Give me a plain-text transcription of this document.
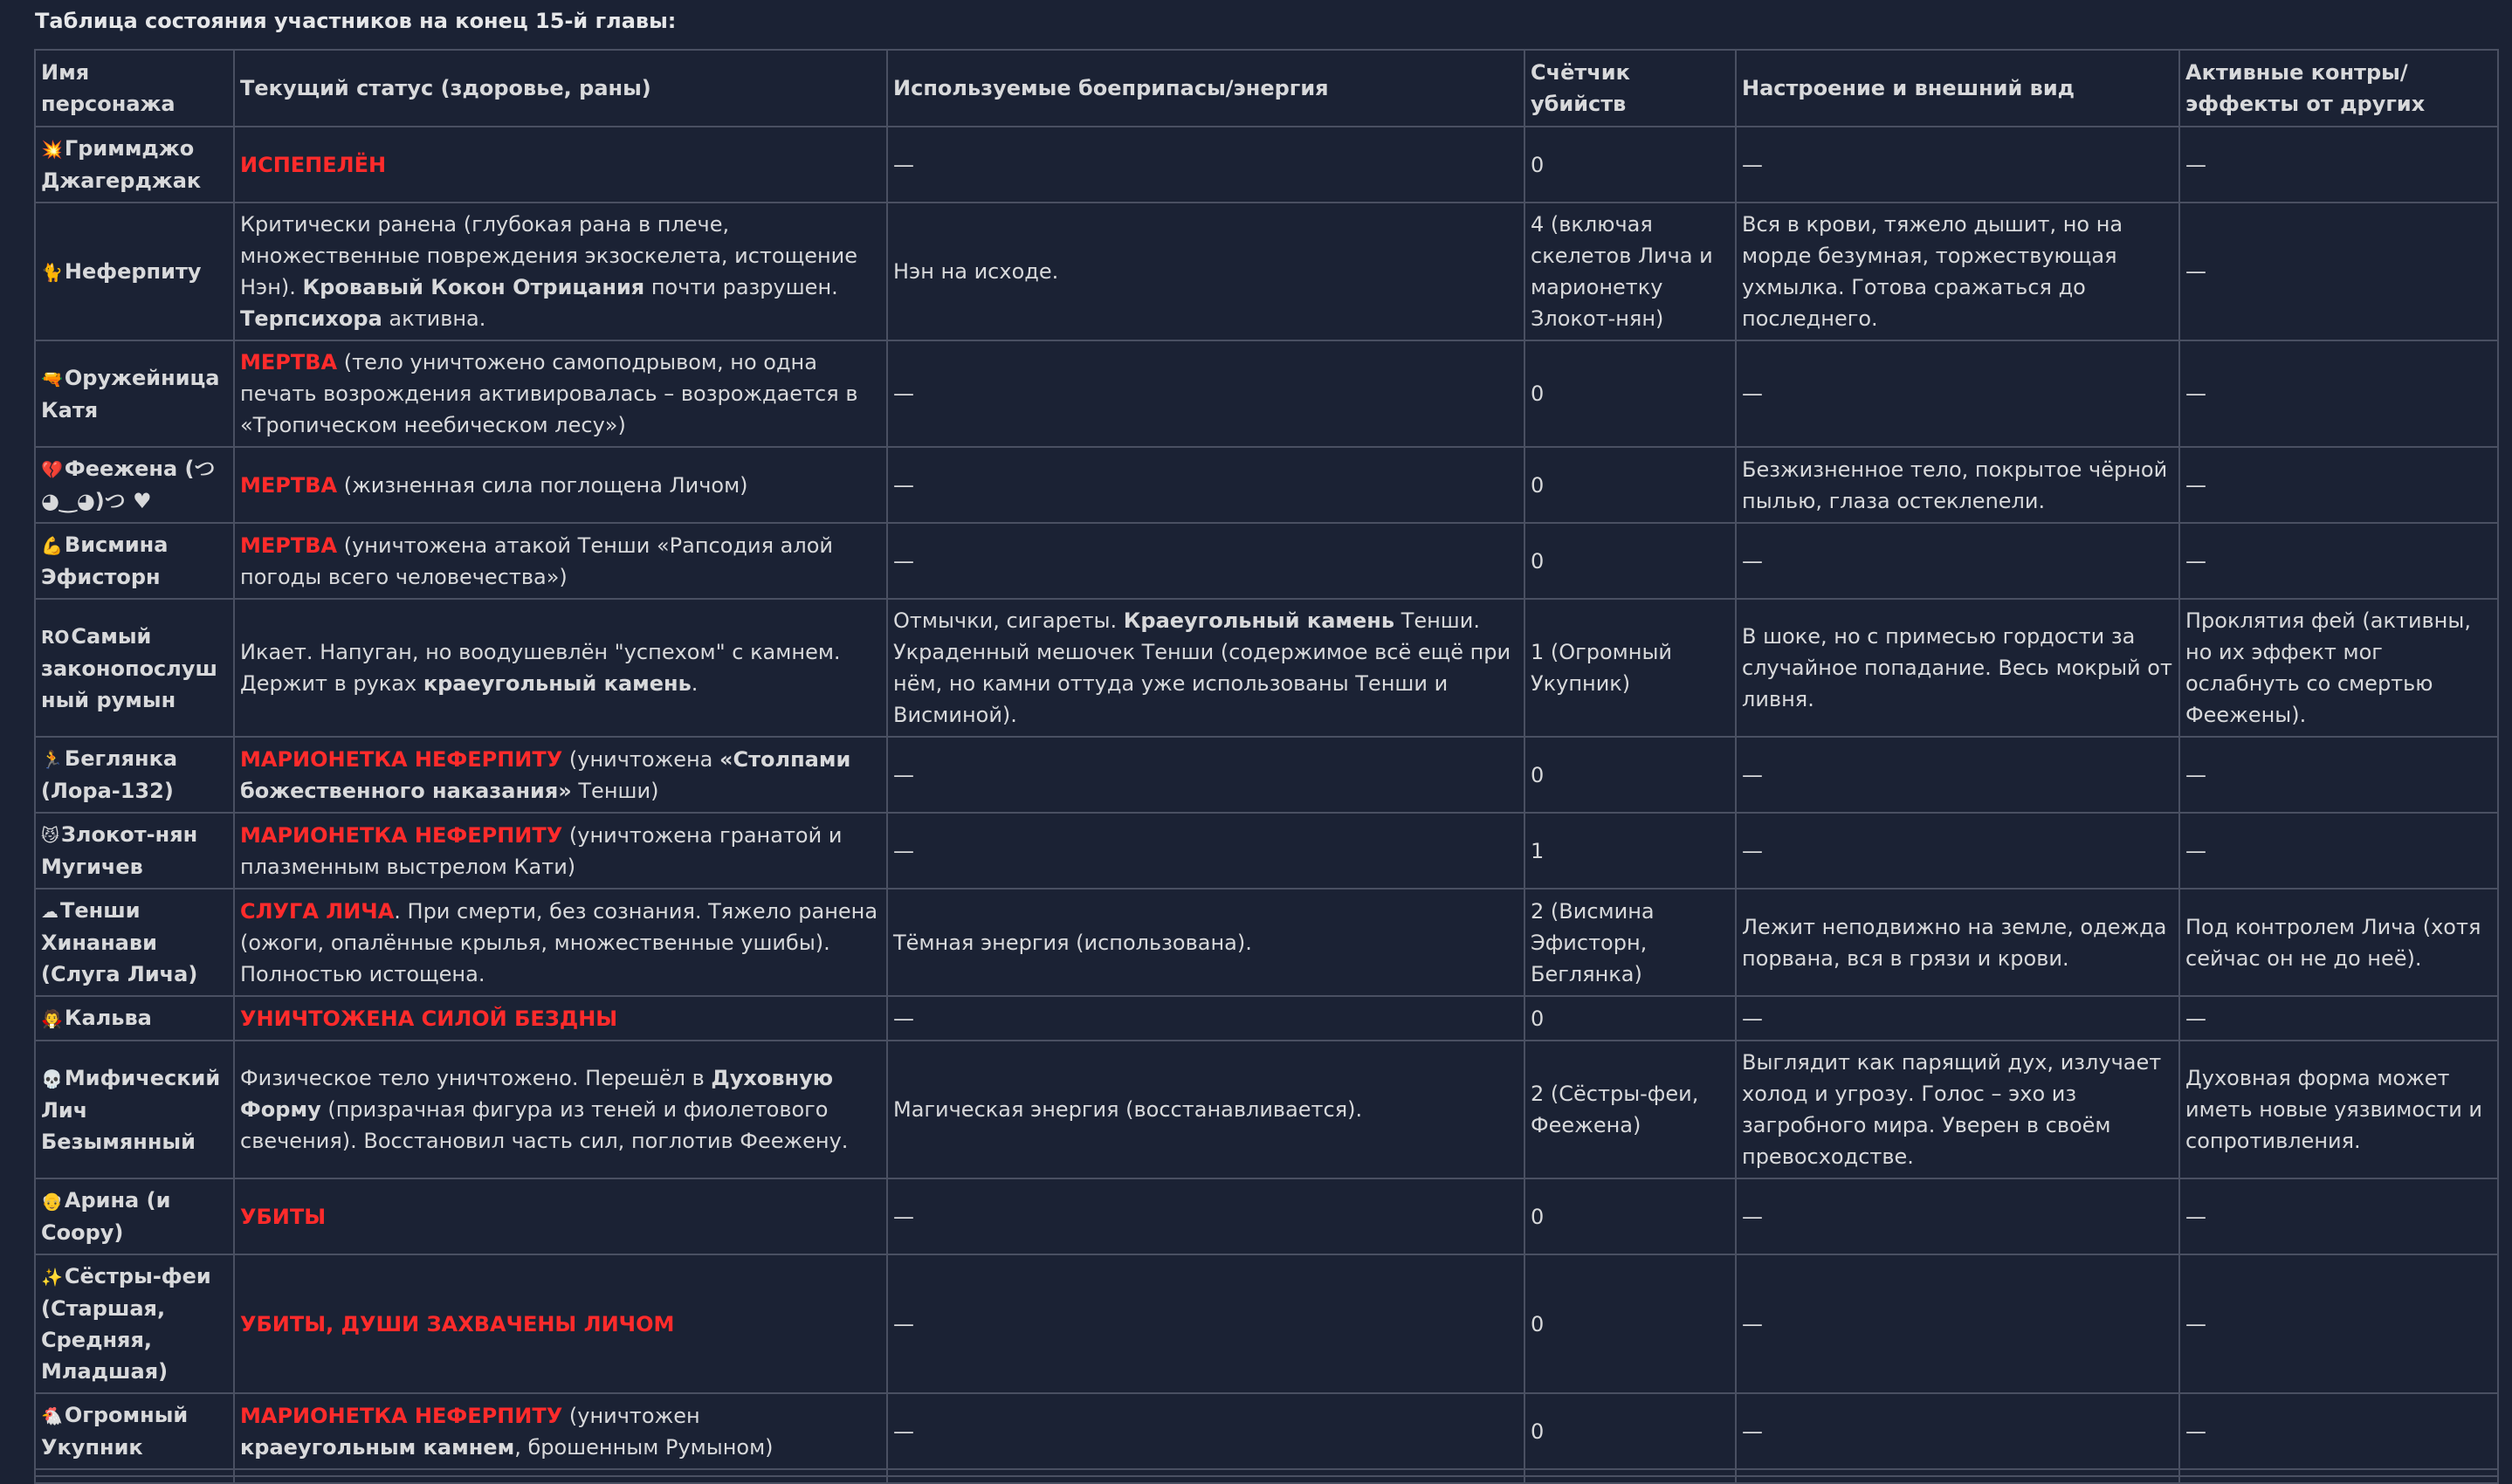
Таблица состояния участников на конец 15-й главы:
Имя персонажа	Текущий статус (здоровье, раны)	Используемые боеприпасы/энергия	Счётчик убийств	Настроение и внешний вид	Активные контры/ эффекты от других
💥Гриммджо Джагерджак	ИСПЕПЕЛЁН	—	0	—	—
🐈Неферпиту	Критически ранена (глубокая рана в плече, множественные повреждения экзоскелета, истощение Нэн). Кровавый Кокон Отрицания почти разрушен. Терпсихора активна.	Нэн на исходе.	4 (включая скелетов Лича и марионетку Злокот-нян)	Вся в крови, тяжело дышит, но на морде безумная, торжествующая ухмылка. Готова сражаться до последнего.	—
🔫Оружейница Катя	МЕРТВА (тело уничтожено самоподрывом, но одна печать возрождения активировалась – возрождается в «Тропическом неебическом лесу»)	—	0	—	—
💔Феежена (つ◕‿◕)つ ♥	МЕРТВА (жизненная сила поглощена Личом)	—	0	Безжизненное тело, покрытое чёрной пылью, глаза остеклenели.	—
💪Висмина Эфисторн	МЕРТВА (уничтожена атакой Тенши «Рапсодия алой погоды всего человечества»)	—	0	—	—
ROСамый законопослушный румын	Икает. Напуган, но воодушевлён "успехом" с камнем. Держит в руках краеугольный камень.	Отмычки, сигареты. Краеугольный камень Тенши. Украденный мешочек Тенши (содержимое всё ещё при нём, но камни оттуда уже использованы Тенши и Висминой).	1 (Огромный Укупник)	В шоке, но с примесью гордости за случайное попадание. Весь мокрый от ливня.	Проклятия фей (активны, но их эффект мог ослабнуть со смертью Феежены).
🏃Беглянка (Лора-132)	МАРИОНЕТКА НЕФЕРПИТУ (уничтожена «Столпами божественного наказания» Тенши)	—	0	—	—
😼Злокот-нян Мугичев	МАРИОНЕТКА НЕФЕРПИТУ (уничтожена гранатой и плазменным выстрелом Кати)	—	1	—	—
☁Тенши Хинанави (Слуга Лича)	СЛУГА ЛИЧА. При смерти, без сознания. Тяжело ранена (ожоги, опалённые крылья, множественные ушибы). Полностью истощена.	Тёмная энергия (использована).	2 (Висмина Эфисторн, Беглянка)	Лежит неподвижно на земле, одежда порвана, вся в грязи и крови.	Под контролем Лича (хотя сейчас он не до неё).
🧛Кальва	УНИЧТОЖЕНА СИЛОЙ БЕЗДНЫ	—	0	—	—
💀Мифический Лич Безымянный	Физическое тело уничтожено. Перешёл в Духовную Форму (призрачная фигура из теней и фиолетового свечения). Восстановил часть сил, поглотив Феежену.	Магическая энергия (восстанавливается).	2 (Сёстры-феи, Феежена)	Выглядит как парящий дух, излучает холод и угрозу. Голос – эхо из загробного мира. Уверен в своём превосходстве.	Духовная форма может иметь новые уязвимости и сопротивления.
👴Арина (и Соору)	УБИТЫ	—	0	—	—
✨Сёстры-феи (Старшая, Средняя, Младшая)	УБИТЫ, ДУШИ ЗАХВАЧЕНЫ ЛИЧОМ	—	0	—	—
🐔Огромный Укупник	МАРИОНЕТКА НЕФЕРПИТУ (уничтожен краеугольным камнем, брошенным Румыном)	—	0	—	—
